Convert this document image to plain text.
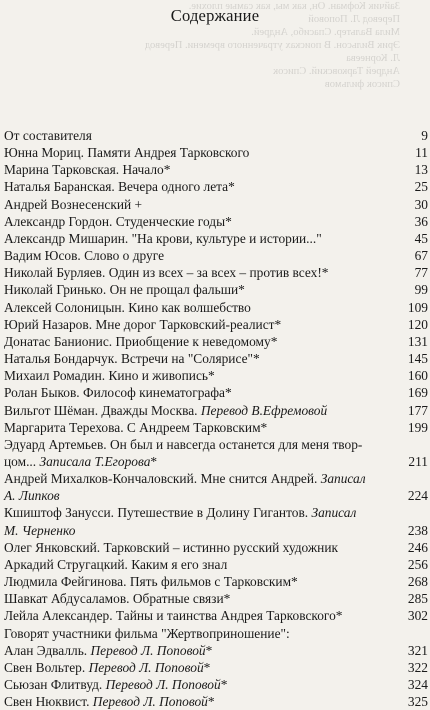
Зайчик Кофман. Он, как мы, как самые плохие.
Перевод Л. Поповой
Мила Вальтер. Спасибо, Андрей.
Эрик Вильсон. В поисках утраченного времени. Перевод
Л. Корнеева
Андрей Тарковский. Список
Список фильмов
Содержание
От составителя	9
Юнна Мориц. Памяти Андрея Тарковского	11
Марина Тарковская. Начало*	13
Наталья Баранская. Вечера одного лета*	25
Андрей Вознесенский +	30
Александр Гордон. Студенческие годы*	36
Александр Мишарин. "На крови, культуре и истории..."	45
Вадим Юсов. Слово о друге	67
Николай Бурляев. Один из всех – за всех – против всех!*	77
Николай Гринько. Он не прощал фальши*	99
Алексей Солоницын. Кино как волшебство	109
Юрий Назаров. Мне дорог Тарковский-реалист*	120
Донатас Банионис. Приобщение к неведомому*	131
Наталья Бондарчук. Встречи на "Солярисе"*	145
Михаил Ромадин. Кино и живопись*	160
Ролан Быков. Философ кинематографа*	169
Вильгот Шёман. Дважды Москва. Перевод В.Ефремовой	177
Маргарита Терехова. С Андреем Тарковским*	199
Эдуард Артемьев. Он был и навсегда останется для меня твор-
цом... Записала Т.Егорова*	211
Андрей Михалков-Кончаловский. Мне снится Андрей. Записал
А. Липков	224
Кшиштоф Занусси. Путешествие в Долину Гигантов. Записал
М. Черненко	238
Олег Янковский. Тарковский – истинно русский художник	246
Аркадий Стругацкий. Каким я его знал	256
Людмила Фейгинова. Пять фильмов с Тарковским*	268
Шавкат Абдусаламов. Обратные связи*	285
Лейла Александер. Тайны и таинства Андрея Тарковского*	302
Говорят участники фильма "Жертвоприношение":
Алан Эдвалль. Перевод Л. Поповой*	321
Свен Вольтер. Перевод Л. Поповой*	322
Сьюзан Флитвуд. Перевод Л. Поповой*	324
Свен Нюквист. Перевод Л. Поповой*	325
